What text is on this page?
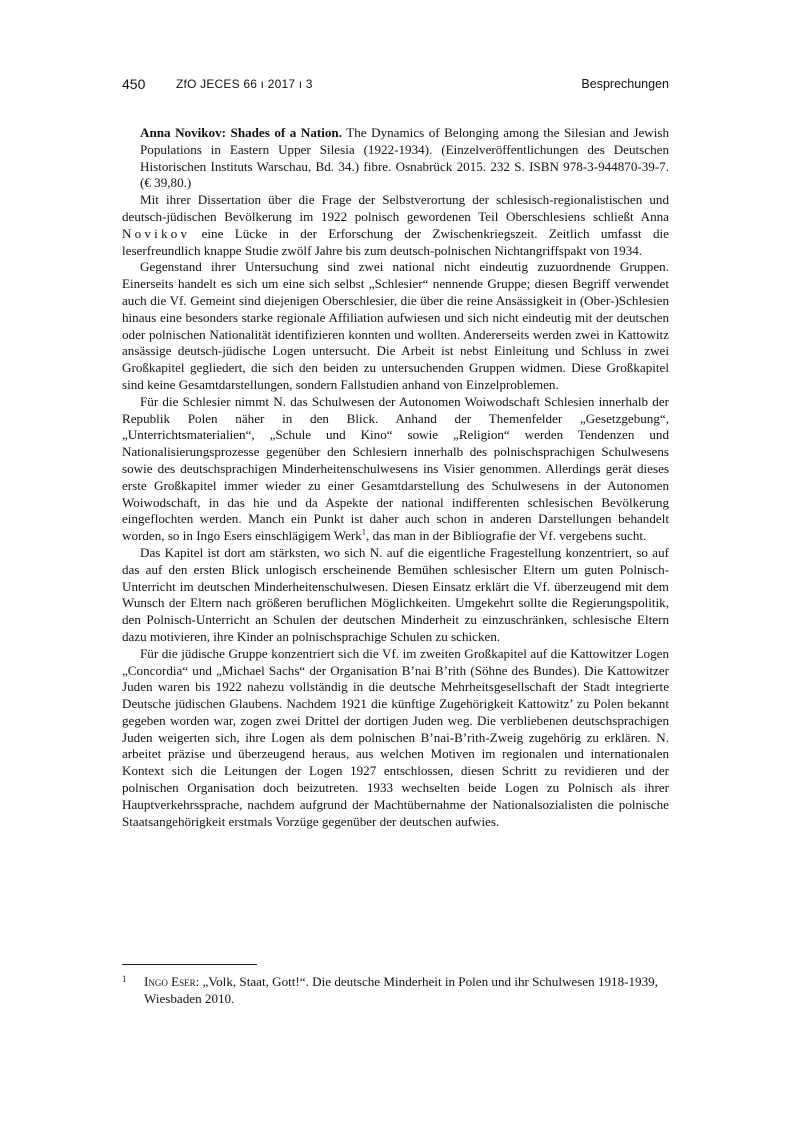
450	ZfO JECES 66 ı 2017 ı 3	Besprechungen

Anna Novikov: Shades of a Nation. The Dynamics of Belonging among the Silesian and Jewish Populations in Eastern Upper Silesia (1922-1934). (Einzelveröffentlichungen des Deutschen Historischen Instituts Warschau, Bd. 34.) fibre. Osnabrück 2015. 232 S. ISBN 978-3-944870-39-7. (€ 39,80.)

Mit ihrer Dissertation über die Frage der Selbstverortung der schlesisch-regionalistischen und deutsch-jüdischen Bevölkerung im 1922 polnisch gewordenen Teil Oberschlesiens schließt Anna Novikov eine Lücke in der Erforschung der Zwischenkriegszeit. Zeitlich umfasst die leserfreundlich knappe Studie zwölf Jahre bis zum deutsch-polnischen Nichtangriffspakt von 1934.

Gegenstand ihrer Untersuchung sind zwei national nicht eindeutig zuzuordnende Gruppen. Einerseits handelt es sich um eine sich selbst „Schlesier“ nennende Gruppe; diesen Begriff verwendet auch die Vf. Gemeint sind diejenigen Oberschlesier, die über die reine Ansässigkeit in (Ober-)Schlesien hinaus eine besonders starke regionale Affiliation aufwiesen und sich nicht eindeutig mit der deutschen oder polnischen Nationalität identifizieren konnten und wollten. Andererseits werden zwei in Kattowitz ansässige deutsch-jüdische Logen untersucht. Die Arbeit ist nebst Einleitung und Schluss in zwei Großkapitel gegliedert, die sich den beiden zu untersuchenden Gruppen widmen. Diese Großkapitel sind keine Gesamtdarstellungen, sondern Fallstudien anhand von Einzelproblemen.

Für die Schlesier nimmt N. das Schulwesen der Autonomen Woiwodschaft Schlesien innerhalb der Republik Polen näher in den Blick. Anhand der Themenfelder „Gesetzgebung“, „Unterrichtsmaterialien“, „Schule und Kino“ sowie „Religion“ werden Tendenzen und Nationalisierungsprozesse gegenüber den Schlesiern innerhalb des polnischsprachigen Schulwesens sowie des deutschsprachigen Minderheitenschulwesens ins Visier genommen. Allerdings gerät dieses erste Großkapitel immer wieder zu einer Gesamtdarstellung des Schulwesens in der Autonomen Woiwodschaft, in das hie und da Aspekte der national indifferenten schlesischen Bevölkerung eingeflochten werden. Manch ein Punkt ist daher auch schon in anderen Darstellungen behandelt worden, so in Ingo Esers einschlägigem Werk$^1$, das man in der Bibliografie der Vf. vergebens sucht.

Das Kapitel ist dort am stärksten, wo sich N. auf die eigentliche Fragestellung konzentriert, so auf das auf den ersten Blick unlogisch erscheinende Bemühen schlesischer Eltern um guten Polnisch-Unterricht im deutschen Minderheitenschulwesen. Diesen Einsatz erklärt die Vf. überzeugend mit dem Wunsch der Eltern nach größeren beruflichen Möglichkeiten. Umgekehrt sollte die Regierungspolitik, den Polnisch-Unterricht an Schulen der deutschen Minderheit zu einzuschränken, schlesische Eltern dazu motivieren, ihre Kinder an polnischsprachige Schulen zu schicken.

Für die jüdische Gruppe konzentriert sich die Vf. im zweiten Großkapitel auf die Kattowitzer Logen „Concordia“ und „Michael Sachs“ der Organisation B’nai B’rith (Söhne des Bundes). Die Kattowitzer Juden waren bis 1922 nahezu vollständig in die deutsche Mehrheitsgesellschaft der Stadt integrierte Deutsche jüdischen Glaubens. Nachdem 1921 die künftige Zugehörigkeit Kattowitz’ zu Polen bekannt gegeben worden war, zogen zwei Drittel der dortigen Juden weg. Die verbliebenen deutschsprachigen Juden weigerten sich, ihre Logen als dem polnischen B’nai-B’rith-Zweig zugehörig zu erklären. N. arbeitet präzise und überzeugend heraus, aus welchen Motiven im regionalen und internationalen Kontext sich die Leitungen der Logen 1927 entschlossen, diesen Schritt zu revidieren und der polnischen Organisation doch beizutreten. 1933 wechselten beide Logen zu Polnisch als ihrer Hauptverkehrssprache, nachdem aufgrund der Machtübernahme der Nationalsozialisten die polnische Staatsangehörigkeit erstmals Vorzüge gegenüber der deutschen aufwies.

1 Ingo Eser: „Volk, Staat, Gott!“. Die deutsche Minderheit in Polen und ihr Schulwesen 1918-1939, Wiesbaden 2010.
